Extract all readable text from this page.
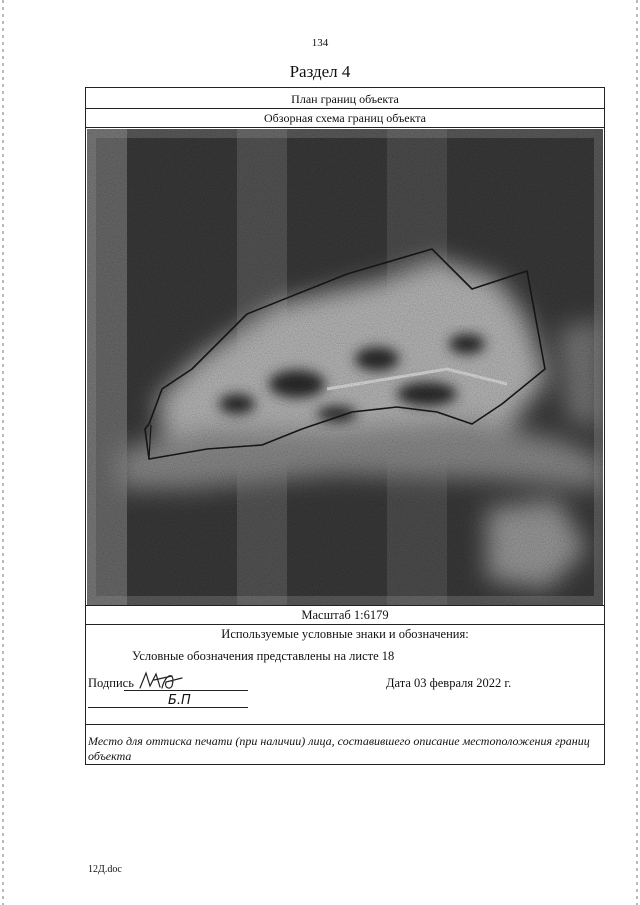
134
Раздел 4
План границ объекта
Обзорная схема границ объекта
Масштаб 1:6179
Используемые условные знаки и обозначения:
Условные обозначения представлены на листе 18
Подпись
Б.П
Дата 03 февраля 2022 г.
Место для оттиска печати (при наличии) лица, составившего описание местоположения границ объекта
12Д.doc
